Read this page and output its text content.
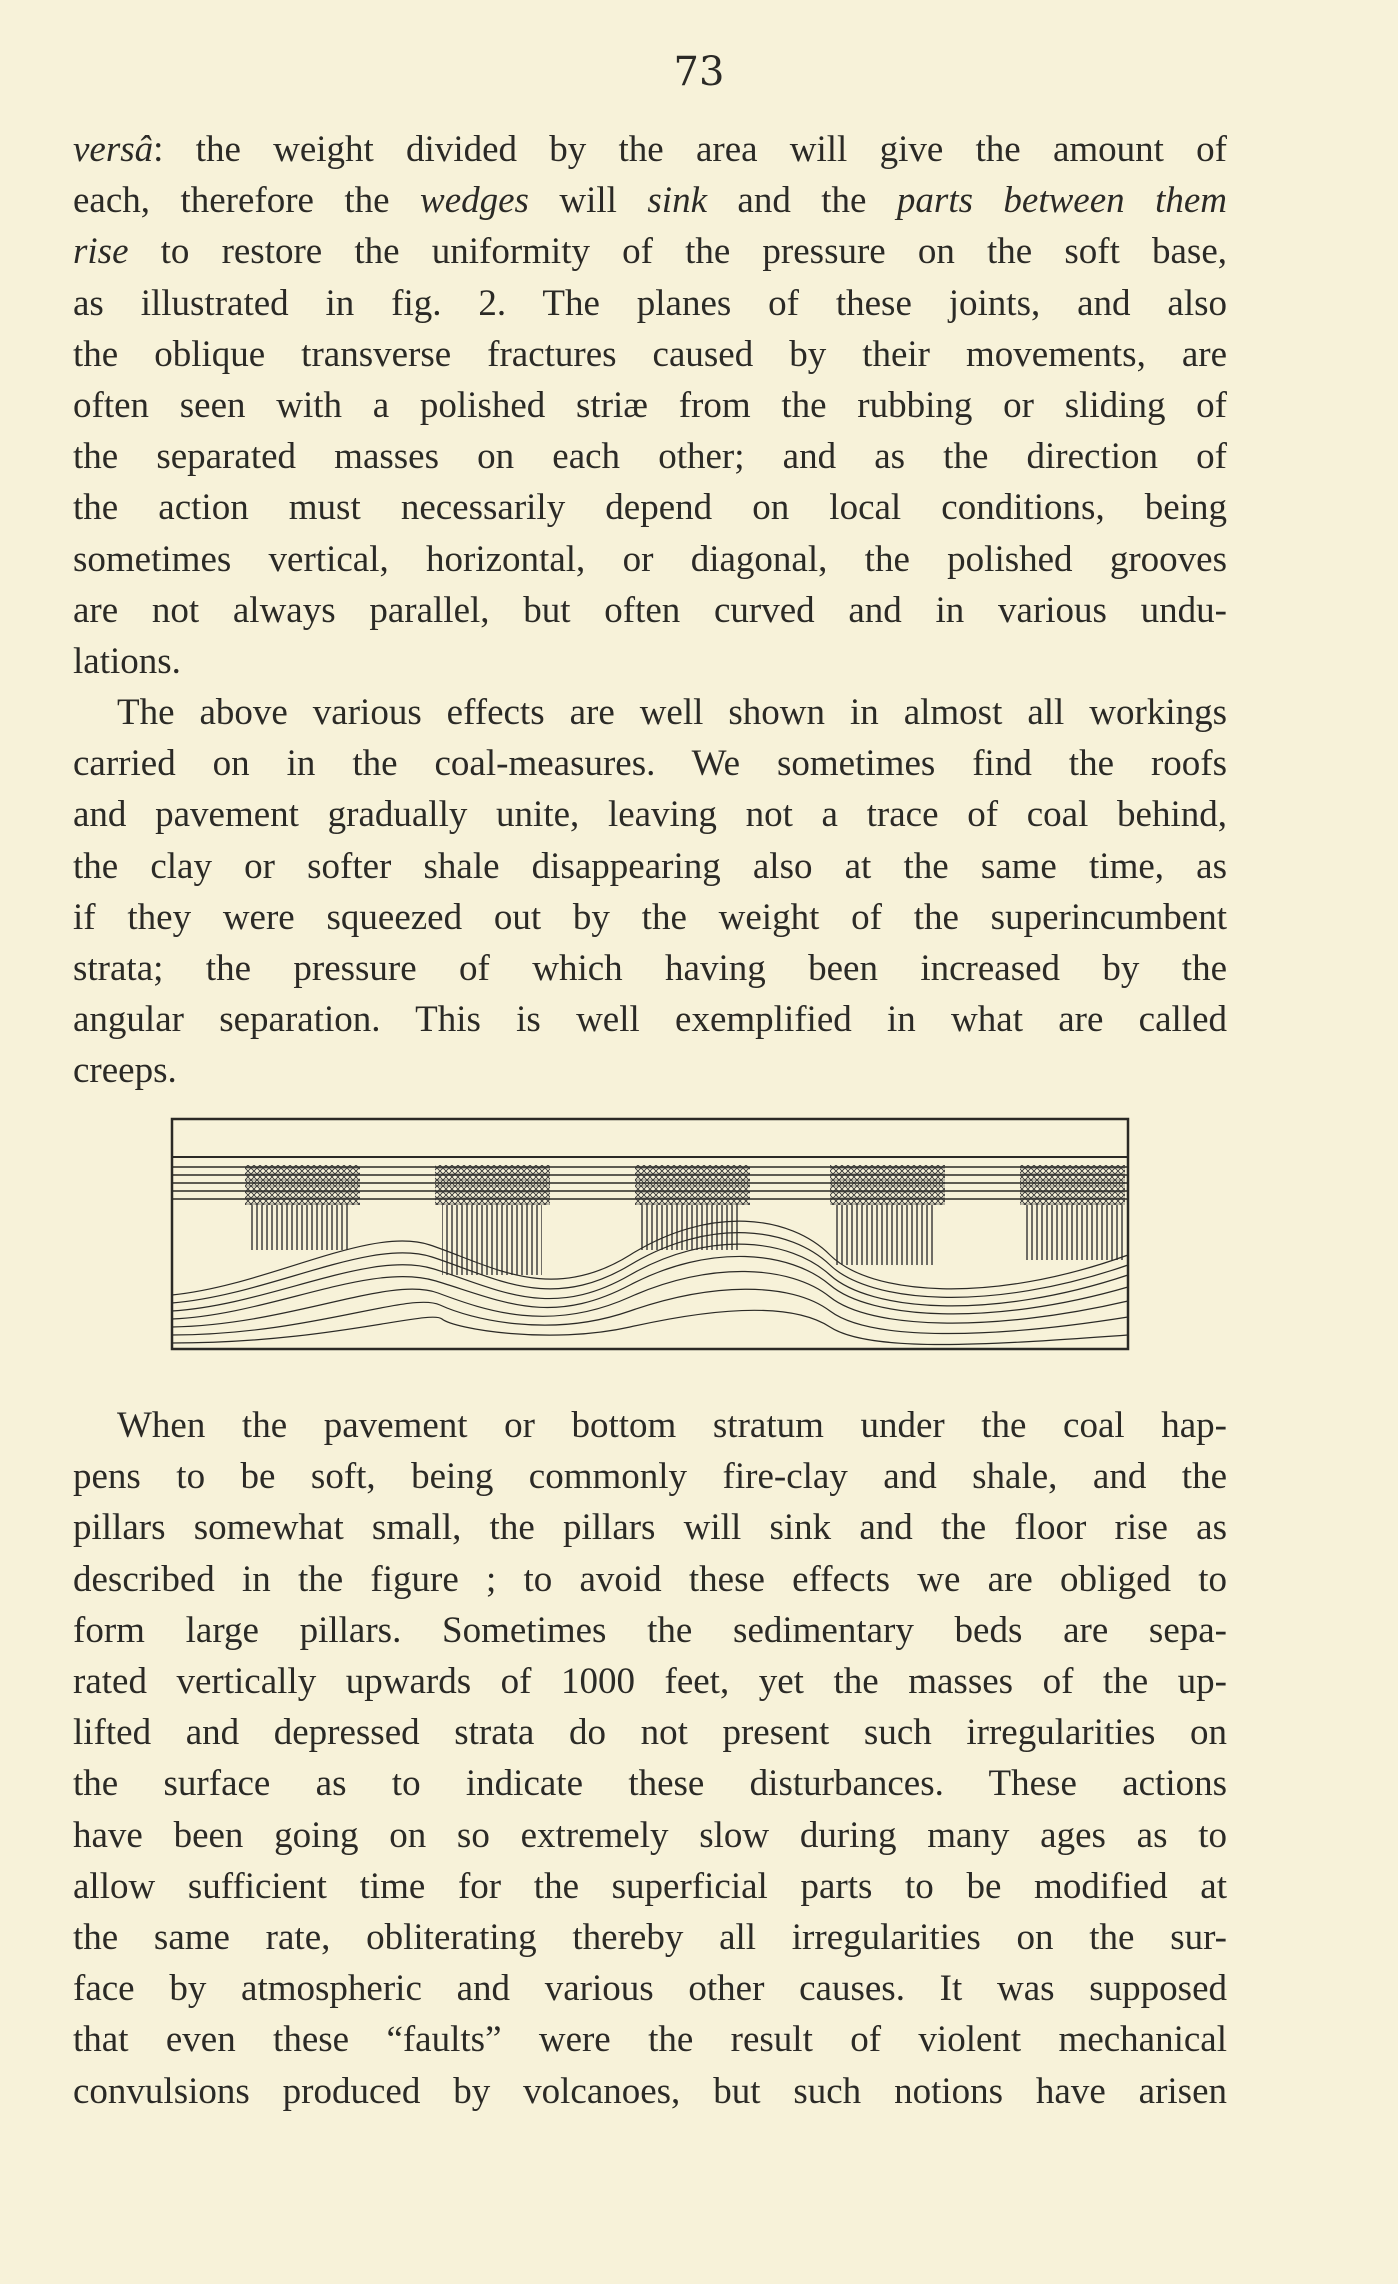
73
versâ: the weight divided by the area will give the amount of
each, therefore the wedges will sink and the parts between them
rise to restore the uniformity of the pressure on the soft base,
as illustrated in fig. 2. The planes of these joints, and also
the oblique transverse fractures caused by their movements, are
often seen with a polished striæ from the rubbing or sliding of
the separated masses on each other; and as the direction of
the action must necessarily depend on local conditions, being
sometimes vertical, horizontal, or diagonal, the polished grooves
are not always parallel, but often curved and in various undu-
lations.
The above various effects are well shown in almost all workings
carried on in the coal-measures. We sometimes find the roofs
and pavement gradually unite, leaving not a trace of coal behind,
the clay or softer shale disappearing also at the same time, as
if they were squeezed out by the weight of the superincumbent
strata; the pressure of which having been increased by the
angular separation. This is well exemplified in what are called
creeps.
When the pavement or bottom stratum under the coal hap-
pens to be soft, being commonly fire-clay and shale, and the
pillars somewhat small, the pillars will sink and the floor rise as
described in the figure ; to avoid these effects we are obliged to
form large pillars. Sometimes the sedimentary beds are sepa-
rated vertically upwards of 1000 feet, yet the masses of the up-
lifted and depressed strata do not present such irregularities on
the surface as to indicate these disturbances. These actions
have been going on so extremely slow during many ages as to
allow sufficient time for the superficial parts to be modified at
the same rate, obliterating thereby all irregularities on the sur-
face by atmospheric and various other causes. It was supposed
that even these “faults” were the result of violent mechanical
convulsions produced by volcanoes, but such notions have arisen
